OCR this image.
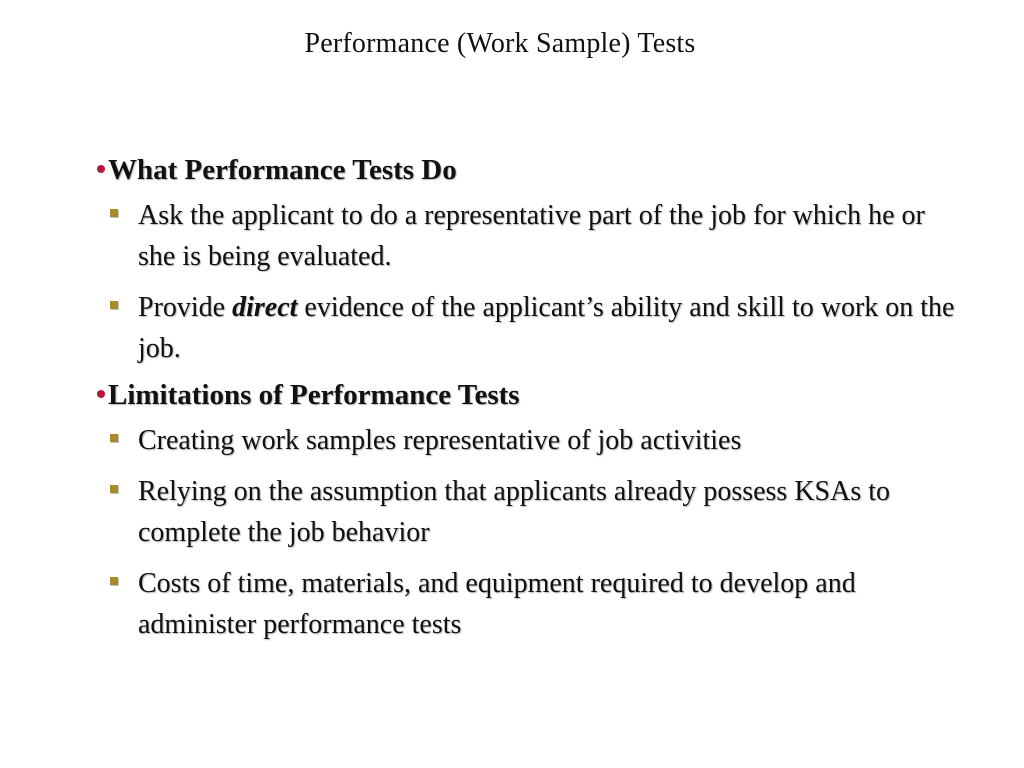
Performance (Work Sample) Tests
What Performance Tests Do
Ask the applicant to do a representative part of the job for which he or she is being evaluated.
Provide direct evidence of the applicant’s ability and skill to work on the job.
Limitations of Performance Tests
Creating work samples representative of job activities
Relying on the assumption that applicants already possess KSAs to complete the job behavior
Costs of time, materials, and equipment required to develop and administer performance tests
